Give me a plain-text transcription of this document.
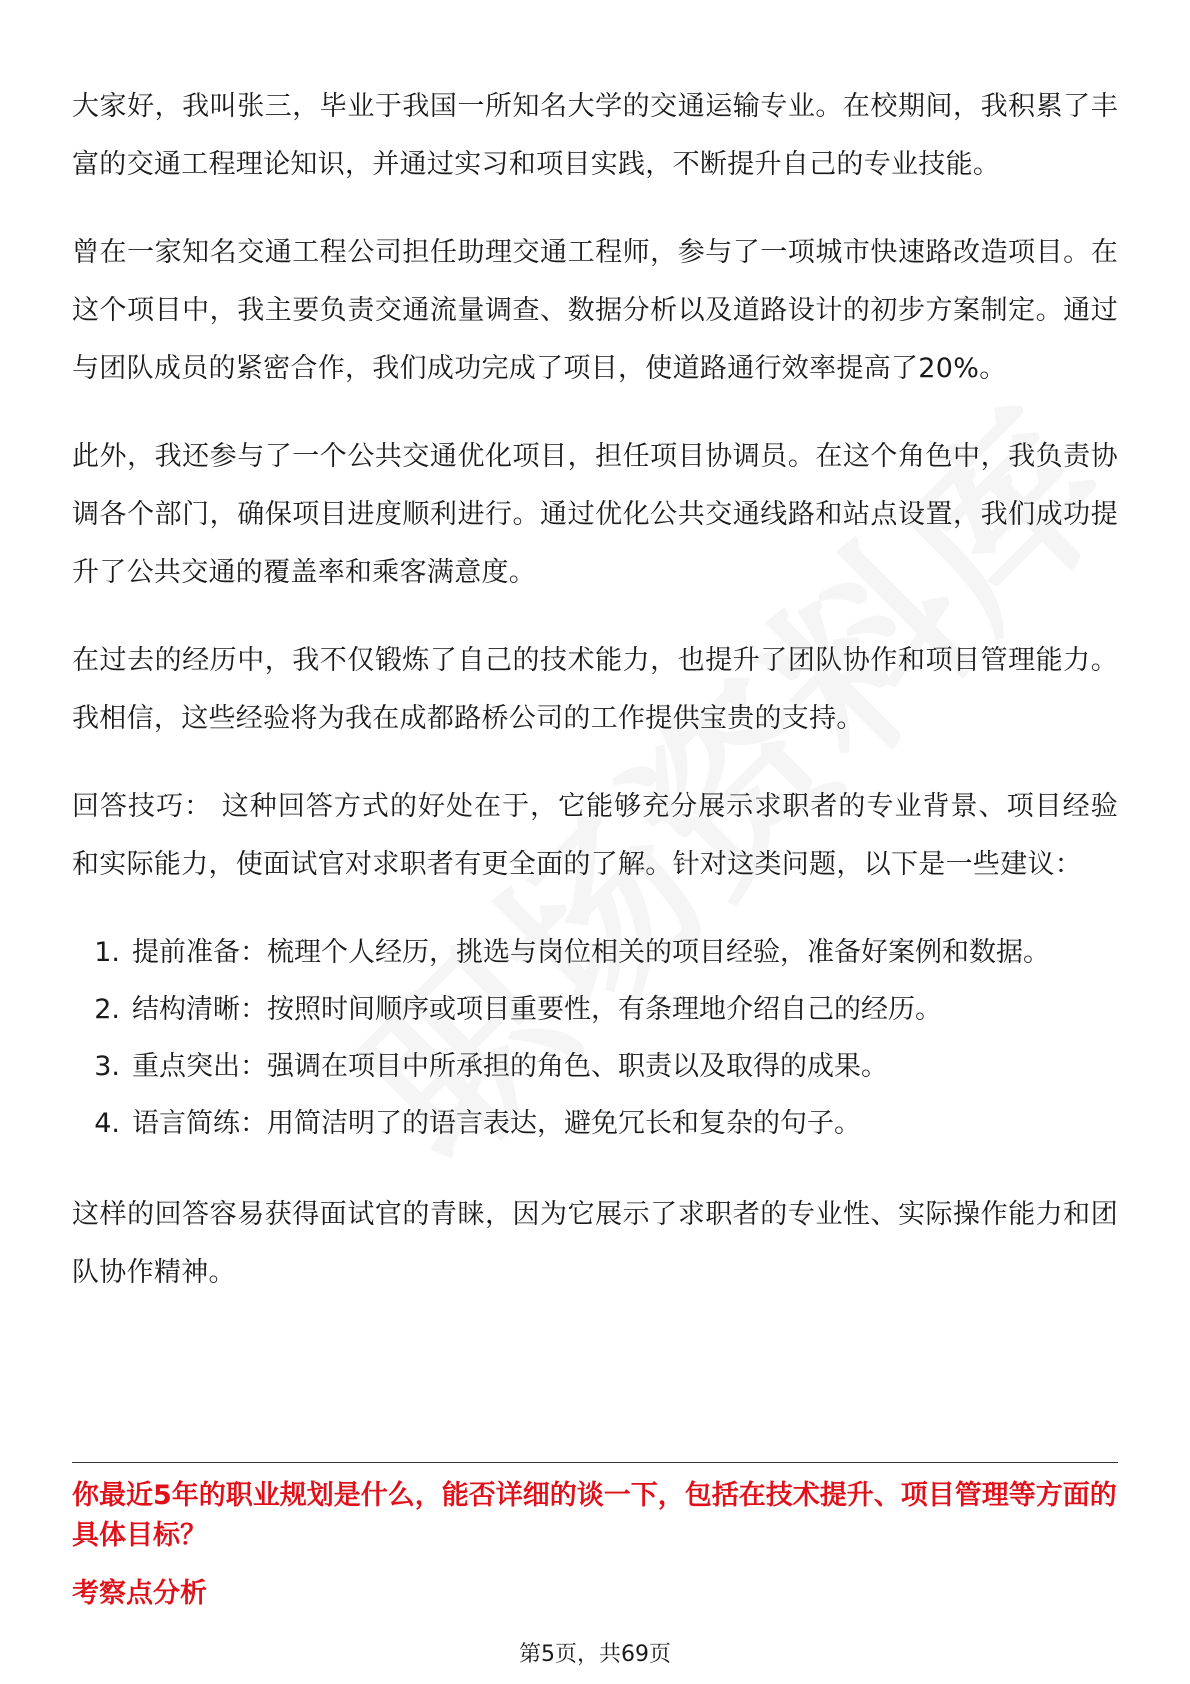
大家好，我叫张三，毕业于我国一所知名大学的交通运输专业。在校期间，我积累了丰富的交通工程理论知识，并通过实习和项目实践，不断提升自己的专业技能。

曾在一家知名交通工程公司担任助理交通工程师，参与了一项城市快速路改造项目。在这个项目中，我主要负责交通流量调查、数据分析以及道路设计的初步方案制定。通过与团队成员的紧密合作，我们成功完成了项目，使道路通行效率提高了20%。

此外，我还参与了一个公共交通优化项目，担任项目协调员。在这个角色中，我负责协调各个部门，确保项目进度顺利进行。通过优化公共交通线路和站点设置，我们成功提升了公共交通的覆盖率和乘客满意度。

在过去的经历中，我不仅锻炼了自己的技术能力，也提升了团队协作和项目管理能力。我相信，这些经验将为我在成都路桥公司的工作提供宝贵的支持。

回答技巧： 这种回答方式的好处在于，它能够充分展示求职者的专业背景、项目经验和实际能力，使面试官对求职者有更全面的了解。针对这类问题，以下是一些建议：

1. 提前准备：梳理个人经历，挑选与岗位相关的项目经验，准备好案例和数据。
2. 结构清晰：按照时间顺序或项目重要性，有条理地介绍自己的经历。
3. 重点突出：强调在项目中所承担的角色、职责以及取得的成果。
4. 语言简练：用简洁明了的语言表达，避免冗长和复杂的句子。

这样的回答容易获得面试官的青睐，因为它展示了求职者的专业性、实际操作能力和团队协作精神。

你最近5年的职业规划是什么，能否详细的谈一下，包括在技术提升、项目管理等方面的具体目标？

考察点分析

第5页，共69页
